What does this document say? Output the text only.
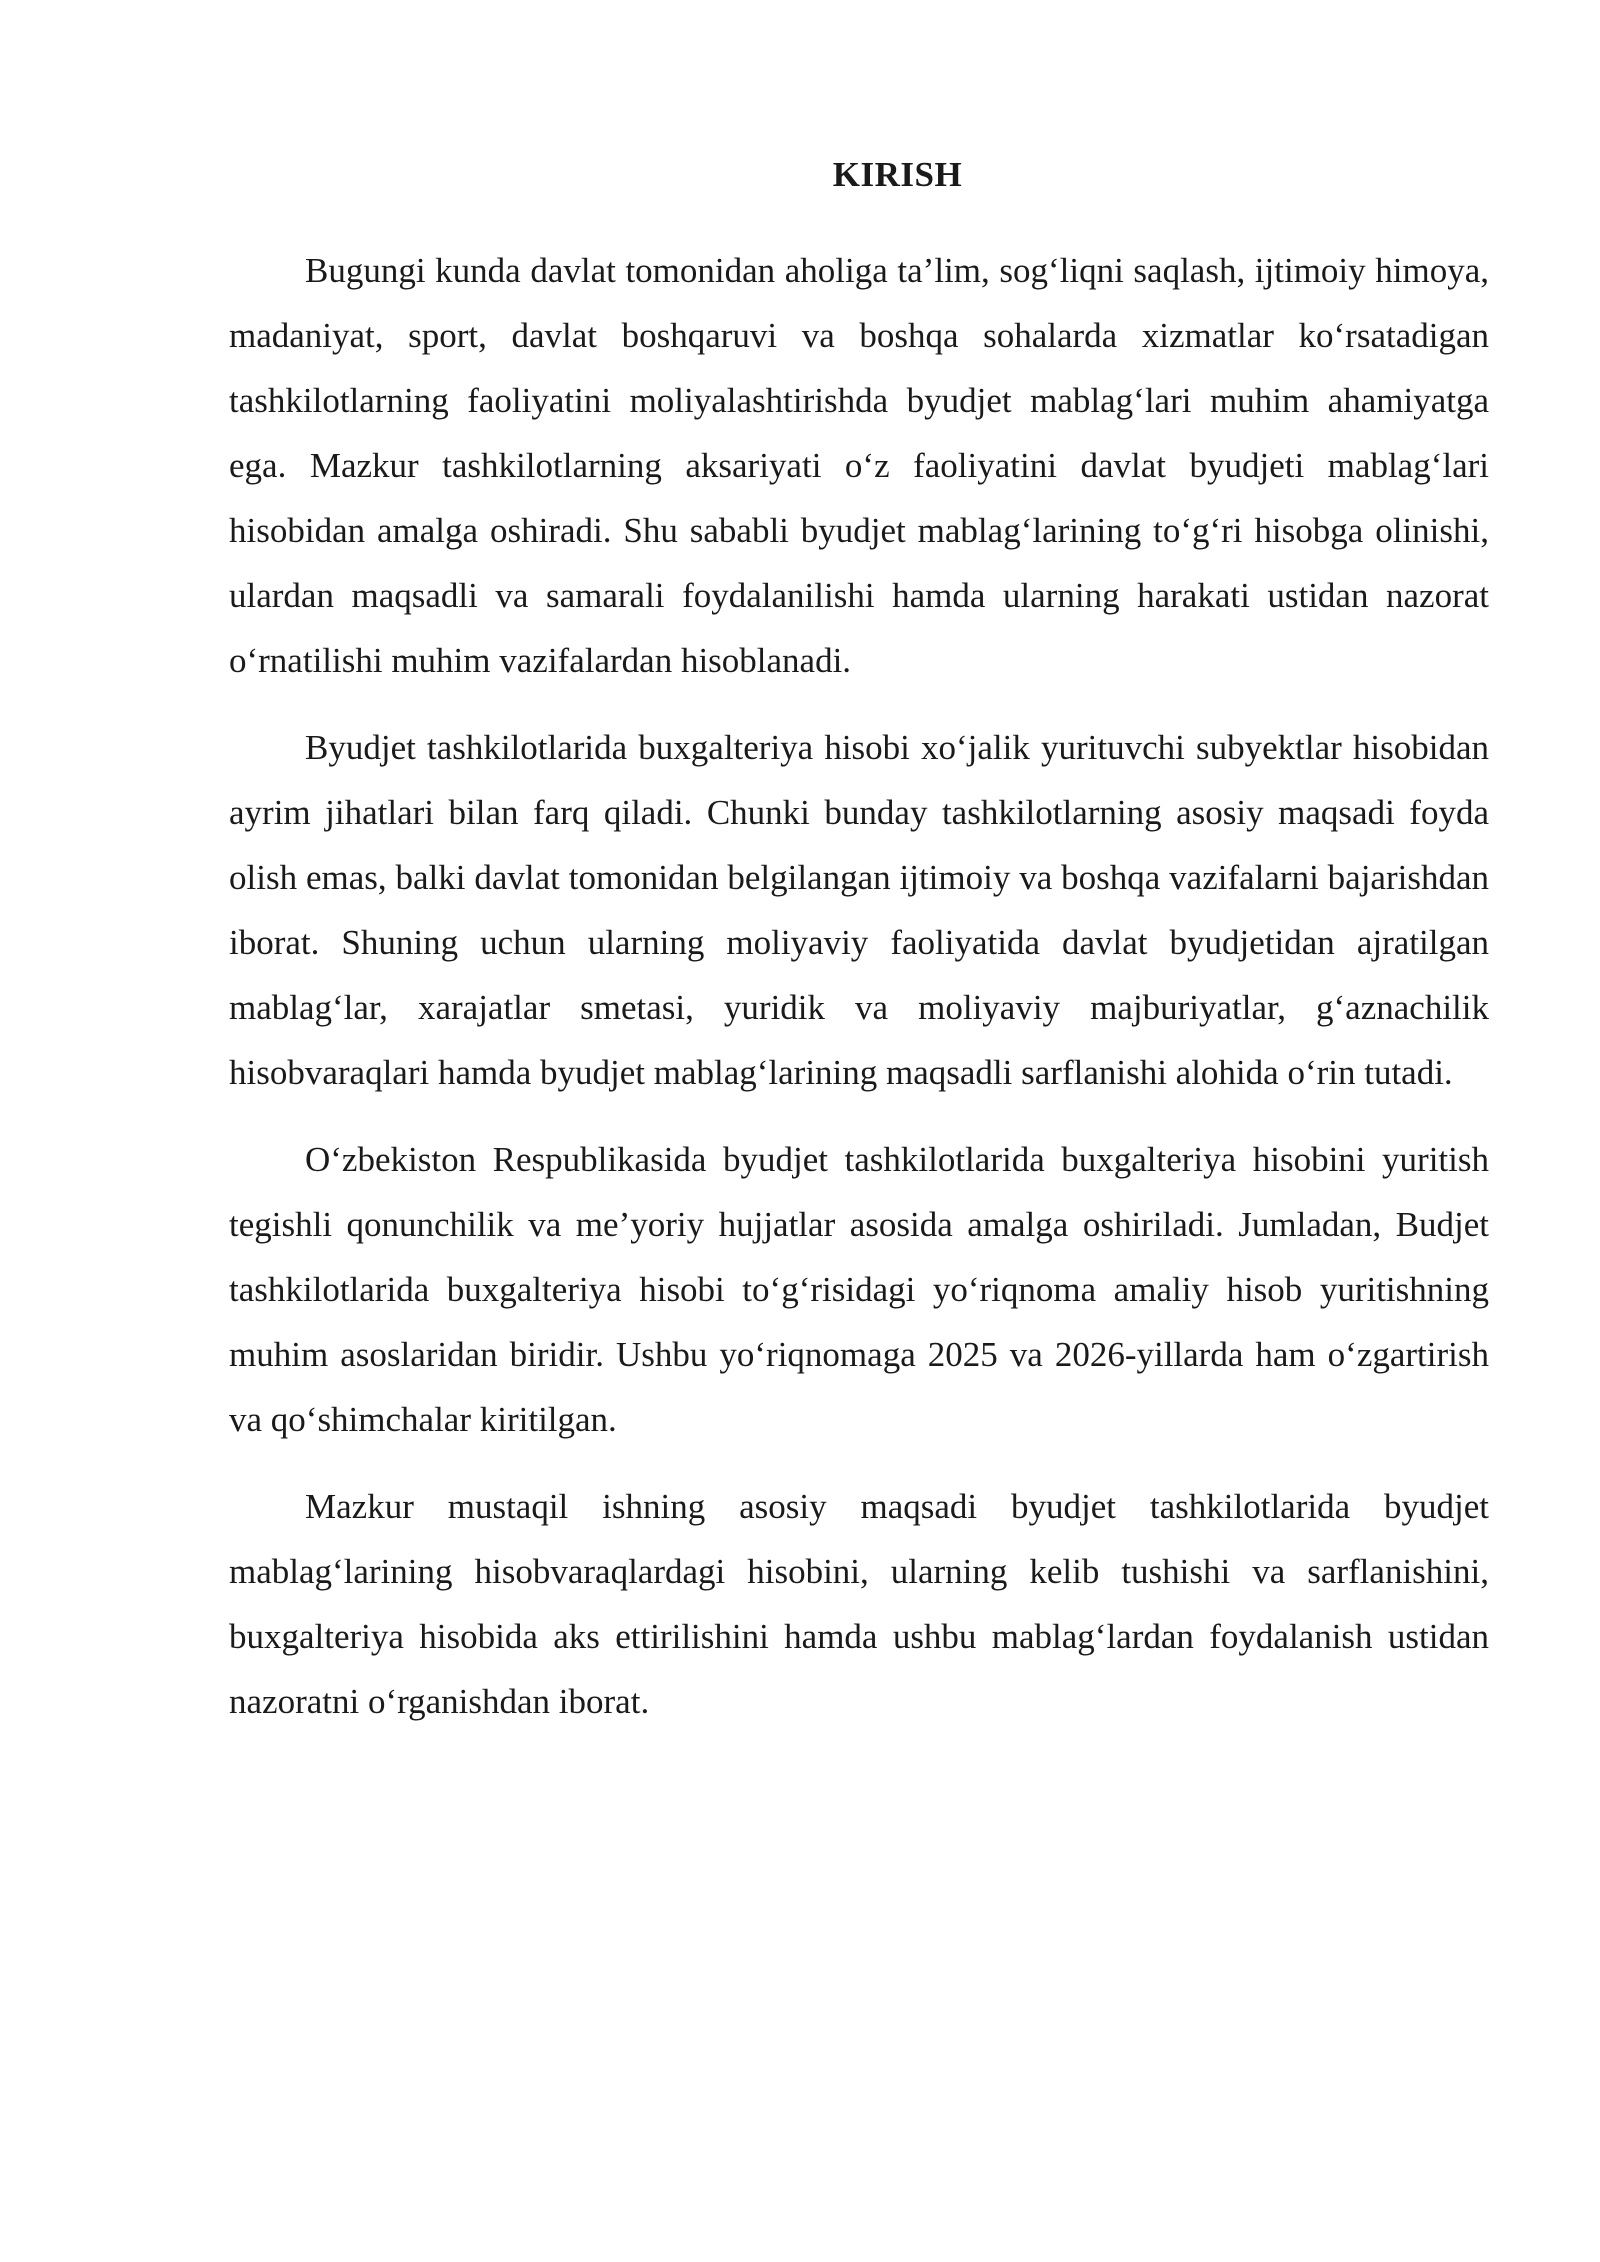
KIRISH

Bugungi kunda davlat tomonidan aholiga ta’lim, sog‘liqni saqlash, ijtimoiy himoya, madaniyat, sport, davlat boshqaruvi va boshqa sohalarda xizmatlar ko‘rsatadigan tashkilotlarning faoliyatini moliyalashtirishda byudjet mablag‘lari muhim ahamiyatga ega. Mazkur tashkilotlarning aksariyati o‘z faoliyatini davlat byudjeti mablag‘lari hisobidan amalga oshiradi. Shu sababli byudjet mablag‘larining to‘g‘ri hisobga olinishi, ulardan maqsadli va samarali foydalanilishi hamda ularning harakati ustidan nazorat o‘rnatilishi muhim vazifalardan hisoblanadi.

Byudjet tashkilotlarida buxgalteriya hisobi xo‘jalik yurituvchi subyektlar hisobidan ayrim jihatlari bilan farq qiladi. Chunki bunday tashkilotlarning asosiy maqsadi foyda olish emas, balki davlat tomonidan belgilangan ijtimoiy va boshqa vazifalarni bajarishdan iborat. Shuning uchun ularning moliyaviy faoliyatida davlat byudjetidan ajratilgan mablag‘lar, xarajatlar smetasi, yuridik va moliyaviy majburiyatlar, g‘aznachilik hisobvaraqlari hamda byudjet mablag‘larining maqsadli sarflanishi alohida o‘rin tutadi.

O‘zbekiston Respublikasida byudjet tashkilotlarida buxgalteriya hisobini yuritish tegishli qonunchilik va me’yoriy hujjatlar asosida amalga oshiriladi. Jumladan, Budjet tashkilotlarida buxgalteriya hisobi to‘g‘risidagi yo‘riqnoma amaliy hisob yuritishning muhim asoslaridan biridir. Ushbu yo‘riqnomaga 2025 va 2026-yillarda ham o‘zgartirish va qo‘shimchalar kiritilgan.

Mazkur mustaqil ishning asosiy maqsadi byudjet tashkilotlarida byudjet mablag‘larining hisobvaraqlardagi hisobini, ularning kelib tushishi va sarflanishini, buxgalteriya hisobida aks ettirilishini hamda ushbu mablag‘lardan foydalanish ustidan nazoratni o‘rganishdan iborat.
